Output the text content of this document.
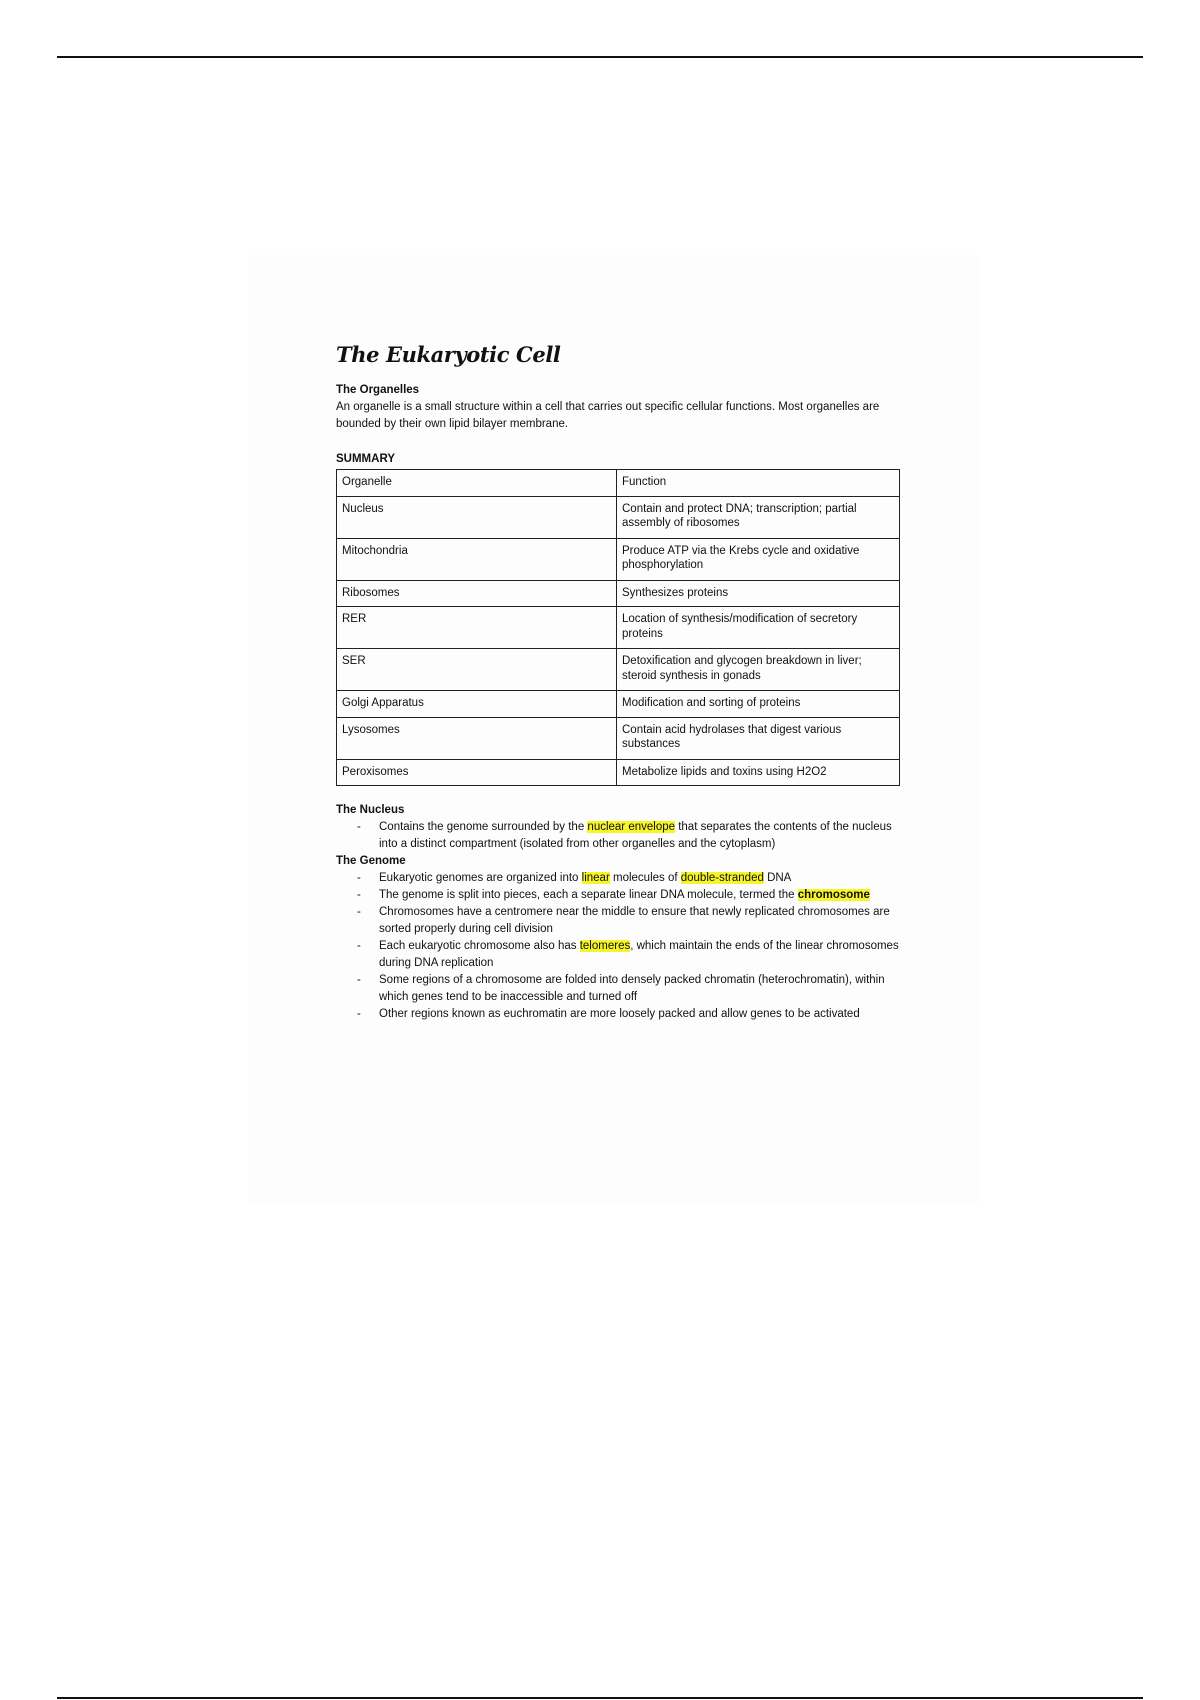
The Eukaryotic Cell
The Organelles

An organelle is a small structure within a cell that carries out specific cellular functions. Most organelles are bounded by their own lipid bilayer membrane.

SUMMARY
Organelle	Function
Nucleus	Contain and protect DNA; transcription; partial assembly of ribosomes
Mitochondria	Produce ATP via the Krebs cycle and oxidative phosphorylation
Ribosomes	Synthesizes proteins
RER	Location of synthesis/modification of secretory proteins
SER	Detoxification and glycogen breakdown in liver; steroid synthesis in gonads
Golgi Apparatus	Modification and sorting of proteins
Lysosomes	Contain acid hydrolases that digest various substances
Peroxisomes	Metabolize lipids and toxins using H2O2
The Nucleus
- Contains the genome surrounded by the nuclear envelope that separates the contents of the nucleus into a distinct compartment (isolated from other organelles and the cytoplasm)
The Genome
- Eukaryotic genomes are organized into linear molecules of double-stranded DNA
- The genome is split into pieces, each a separate linear DNA molecule, termed the chromosome
- Chromosomes have a centromere near the middle to ensure that newly replicated chromosomes are sorted properly during cell division
- Each eukaryotic chromosome also has telomeres, which maintain the ends of the linear chromosomes during DNA replication
- Some regions of a chromosome are folded into densely packed chromatin (heterochromatin), within which genes tend to be inaccessible and turned off
- Other regions known as euchromatin are more loosely packed and allow genes to be activated
